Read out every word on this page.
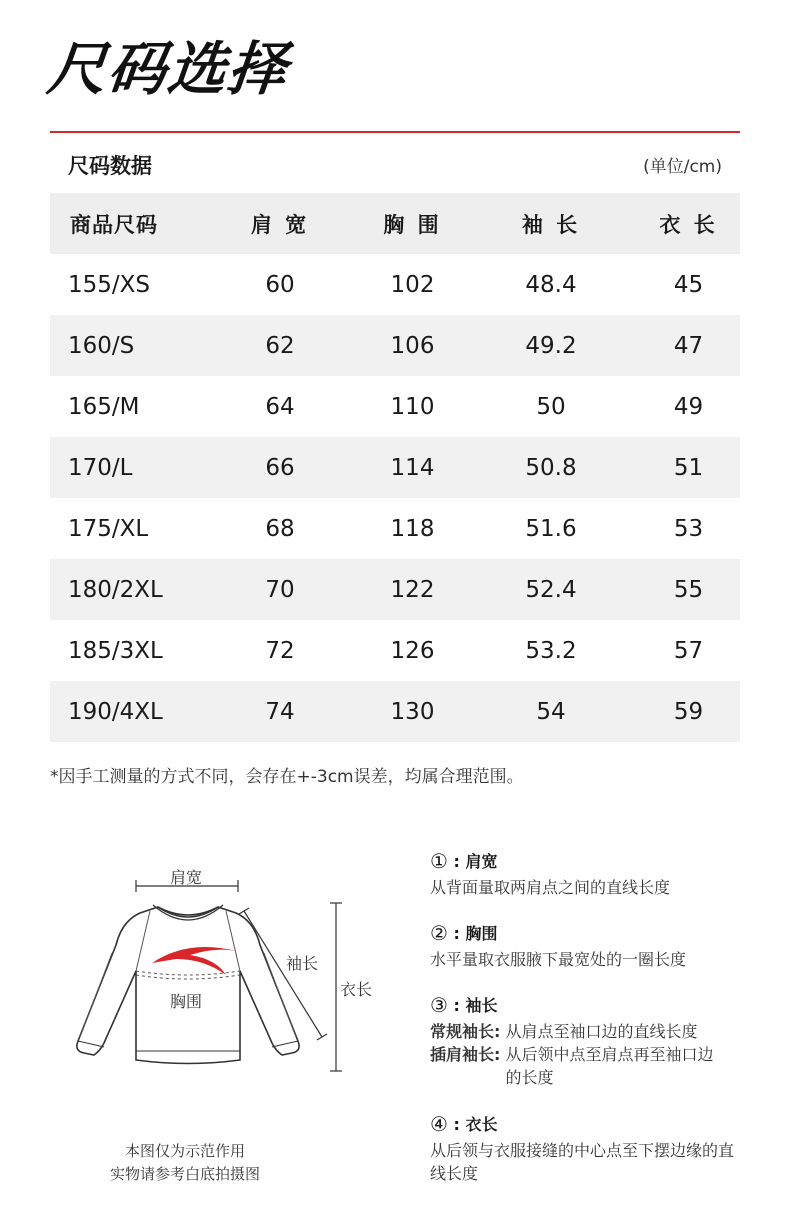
尺码选择
尺码数据	(单位/cm)
商品尺码	肩 宽	胸 围	袖 长	衣 长
155/XS	60	102	48.4	45
160/S	62	106	49.2	47
165/M	64	110	50	49
170/L	66	114	50.8	51
175/XL	68	118	51.6	53
180/2XL	70	122	52.4	55
185/3XL	72	126	53.2	57
190/4XL	74	130	54	59
*因手工测量的方式不同，会存在+-3cm误差，均属合理范围。
肩宽
袖长
衣长
胸围
本图仅为示范作用
实物请参考白底拍摄图
① : 肩宽
从背面量取两肩点之间的直线长度
② : 胸围
水平量取衣服腋下最宽处的一圈长度
③ : 袖长
常规袖长:
从肩点至袖口边的直线长度
插肩袖长:
从后领中点至肩点再至袖口边的长度
④ : 衣长
从后领与衣服接缝的中心点至下摆边缘的直线长度
